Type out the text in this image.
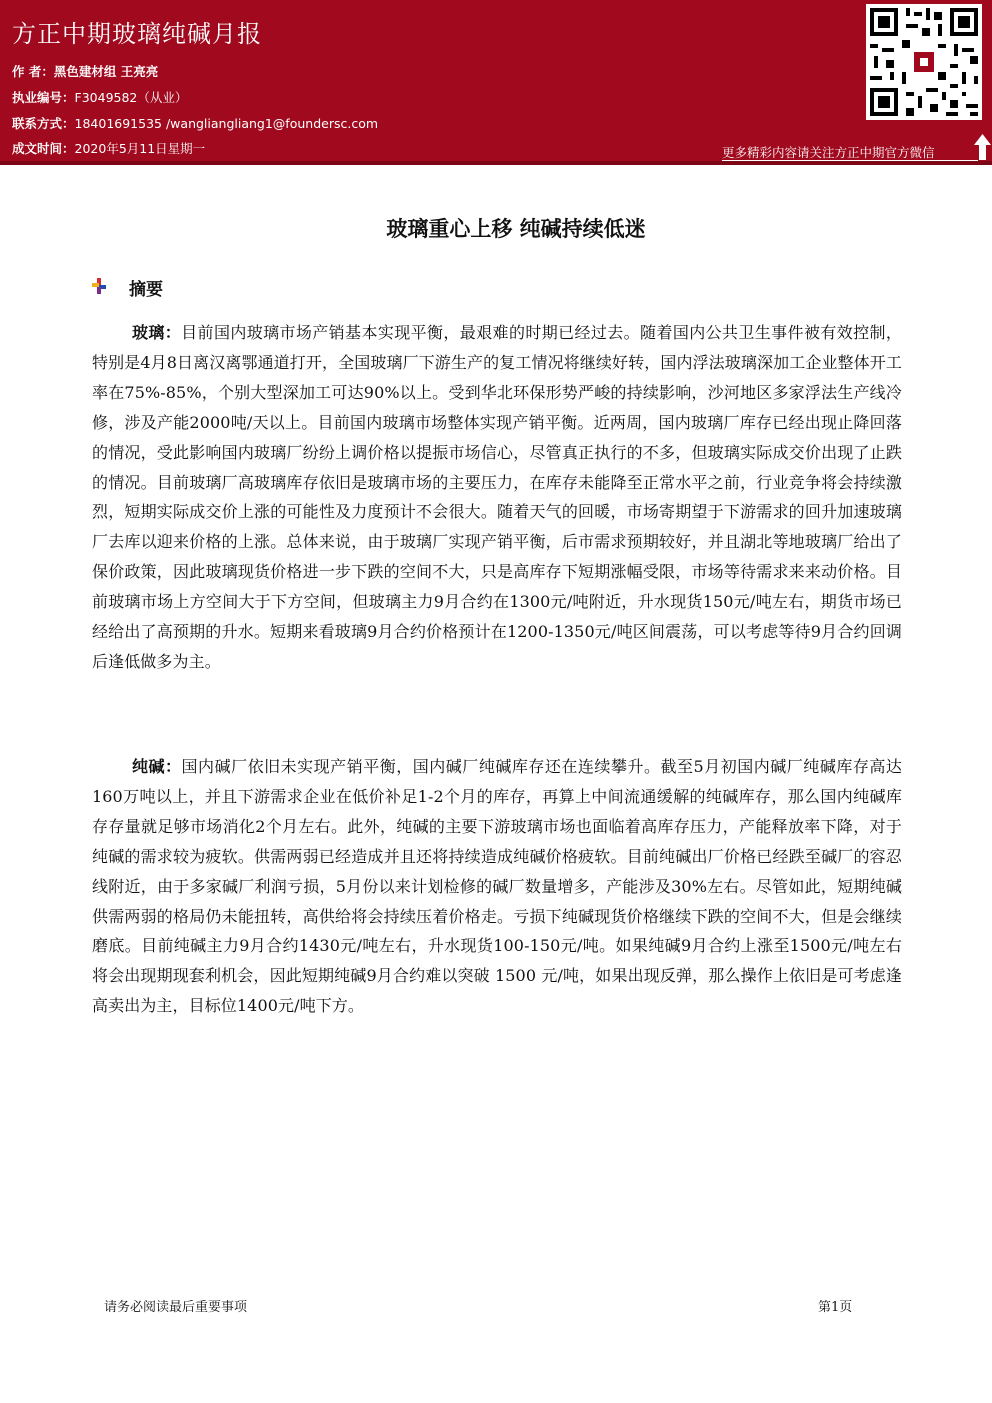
方正中期玻璃纯碱月报
作 者：黑色建材组 王亮亮
执业编号：F3049582（从业）
联系方式：18401691535 /wangliangliang1@foundersc.com
成文时间：2020年5月11日星期一	更多精彩内容请关注方正中期官方微信
玻璃重心上移 纯碱持续低迷
摘要

玻璃：目前国内玻璃市场产销基本实现平衡，最艰难的时期已经过去。随着国内公共卫生事件被有效控制，特别是4月8日离汉离鄂通道打开，全国玻璃厂下游生产的复工情况将继续好转，国内浮法玻璃深加工企业整体开工率在75%-85%，个别大型深加工可达90%以上。受到华北环保形势严峻的持续影响，沙河地区多家浮法生产线冷修，涉及产能2000吨/天以上。目前国内玻璃市场整体实现产销平衡。近两周，国内玻璃厂库存已经出现止降回落的情况，受此影响国内玻璃厂纷纷上调价格以提振市场信心，尽管真正执行的不多，但玻璃实际成交价出现了止跌的情况。目前玻璃厂高玻璃库存依旧是玻璃市场的主要压力，在库存未能降至正常水平之前，行业竞争将会持续激烈，短期实际成交价上涨的可能性及力度预计不会很大。随着天气的回暖，市场寄期望于下游需求的回升加速玻璃厂去库以迎来价格的上涨。总体来说，由于玻璃厂实现产销平衡，后市需求预期较好，并且湖北等地玻璃厂给出了保价政策，因此玻璃现货价格进一步下跌的空间不大，只是高库存下短期涨幅受限，市场等待需求来来动价格。目前玻璃市场上方空间大于下方空间，但玻璃主力9月合约在1300元/吨附近，升水现货150元/吨左右，期货市场已经给出了高预期的升水。短期来看玻璃9月合约价格预计在1200-1350元/吨区间震荡，可以考虑等待9月合约回调后逢低做多为主。

纯碱：国内碱厂依旧未实现产销平衡，国内碱厂纯碱库存还在连续攀升。截至5月初国内碱厂纯碱库存高达160万吨以上，并且下游需求企业在低价补足1-2个月的库存，再算上中间流通缓解的纯碱库存，那么国内纯碱库存存量就足够市场消化2个月左右。此外，纯碱的主要下游玻璃市场也面临着高库存压力，产能释放率下降，对于纯碱的需求较为疲软。供需两弱已经造成并且还将持续造成纯碱价格疲软。目前纯碱出厂价格已经跌至碱厂的容忍线附近，由于多家碱厂利润亏损，5月份以来计划检修的碱厂数量增多，产能涉及30%左右。尽管如此，短期纯碱供需两弱的格局仍未能扭转，高供给将会持续压着价格走。亏损下纯碱现货价格继续下跌的空间不大，但是会继续磨底。目前纯碱主力9月合约1430元/吨左右，升水现货100-150元/吨。如果纯碱9月合约上涨至1500元/吨左右将会出现期现套利机会，因此短期纯碱9月合约难以突破 1500 元/吨，如果出现反弹，那么操作上依旧是可考虑逢高卖出为主，目标位1400元/吨下方。

请务必阅读最后重要事项	第1页
